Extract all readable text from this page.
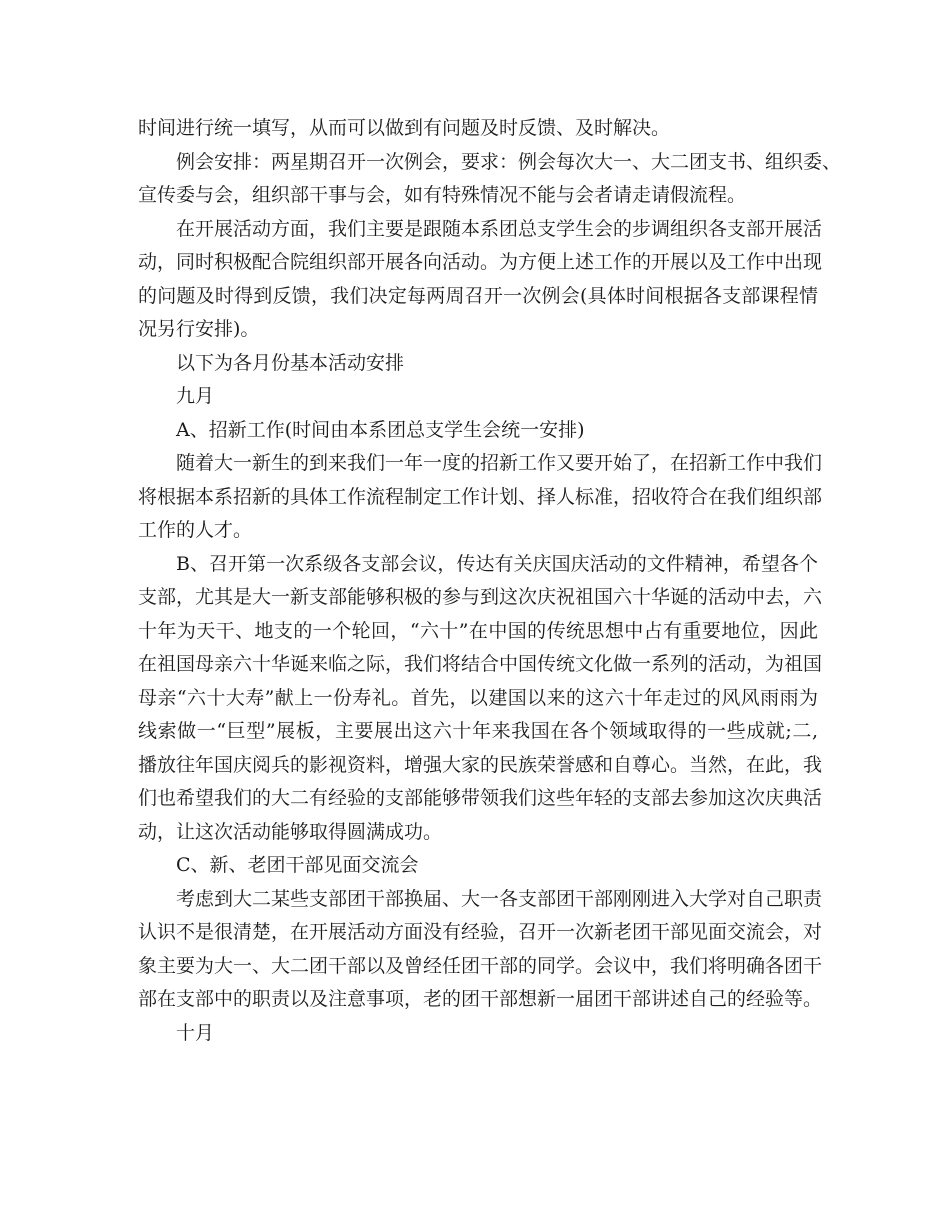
时间进行统一填写，从而可以做到有问题及时反馈、及时解决。
例会安排：两星期召开一次例会，要求：例会每次大一、大二团支书、组织委、
宣传委与会，组织部干事与会，如有特殊情况不能与会者请走请假流程。
在开展活动方面，我们主要是跟随本系团总支学生会的步调组织各支部开展活
动，同时积极配合院组织部开展各向活动。为方便上述工作的开展以及工作中出现
的问题及时得到反馈，我们决定每两周召开一次例会(具体时间根据各支部课程情
况另行安排)。
以下为各月份基本活动安排
九月
A、招新工作(时间由本系团总支学生会统一安排)
随着大一新生的到来我们一年一度的招新工作又要开始了，在招新工作中我们
将根据本系招新的具体工作流程制定工作计划、择人标准，招收符合在我们组织部
工作的人才。
B、召开第一次系级各支部会议，传达有关庆国庆活动的文件精神，希望各个
支部，尤其是大一新支部能够积极的参与到这次庆祝祖国六十华诞的活动中去，六
十年为天干、地支的一个轮回，“六十”在中国的传统思想中占有重要地位，因此
在祖国母亲六十华诞来临之际，我们将结合中国传统文化做一系列的活动，为祖国
母亲“六十大寿”献上一份寿礼。首先，以建国以来的这六十年走过的风风雨雨为
线索做一“巨型”展板，主要展出这六十年来我国在各个领域取得的一些成就;二,
播放往年国庆阅兵的影视资料，增强大家的民族荣誉感和自尊心。当然，在此，我
们也希望我们的大二有经验的支部能够带领我们这些年轻的支部去参加这次庆典活
动，让这次活动能够取得圆满成功。
C、新、老团干部见面交流会
考虑到大二某些支部团干部换届、大一各支部团干部刚刚进入大学对自己职责
认识不是很清楚，在开展活动方面没有经验，召开一次新老团干部见面交流会，对
象主要为大一、大二团干部以及曾经任团干部的同学。会议中，我们将明确各团干
部在支部中的职责以及注意事项，老的团干部想新一届团干部讲述自己的经验等。
十月
